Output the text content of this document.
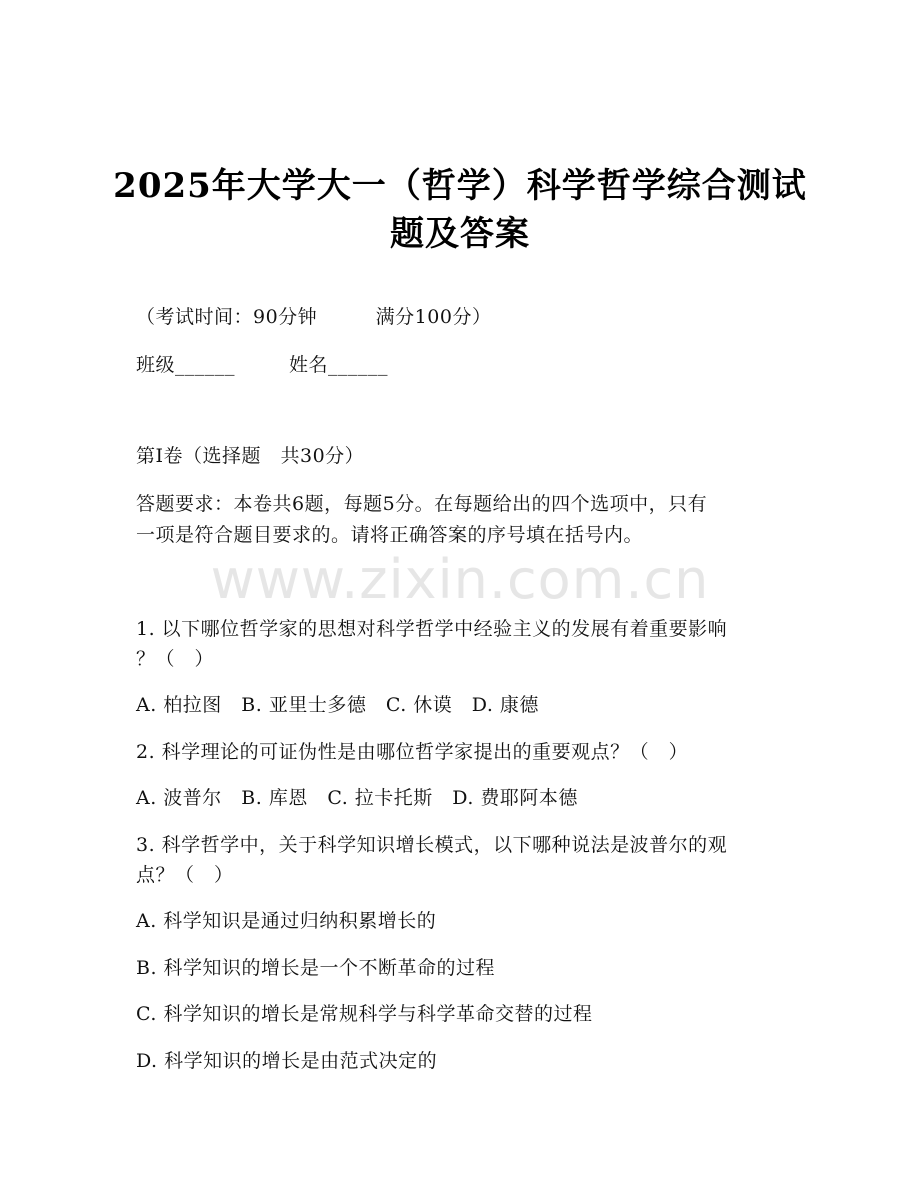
www.zixin.com.cn
2025年大学大一（哲学）科学哲学综合测试
题及答案
（考试时间：90分钟　　　满分100分）
班级______	姓名______
第I卷（选择题　共30分）
答题要求：本卷共6题，每题5分。在每题给出的四个选项中，只有
一项是符合题目要求的。请将正确答案的序号填在括号内。
1. 以下哪位哲学家的思想对科学哲学中经验主义的发展有着重要影响
？（　）
A. 柏拉图　B. 亚里士多德　C. 休谟　D. 康德
2. 科学理论的可证伪性是由哪位哲学家提出的重要观点？（　）
A. 波普尔　B. 库恩　C. 拉卡托斯　D. 费耶阿本德
3. 科学哲学中，关于科学知识增长模式，以下哪种说法是波普尔的观
点？（　）
A. 科学知识是通过归纳积累增长的
B. 科学知识的增长是一个不断革命的过程
C. 科学知识的增长是常规科学与科学革命交替的过程
D. 科学知识的增长是由范式决定的
